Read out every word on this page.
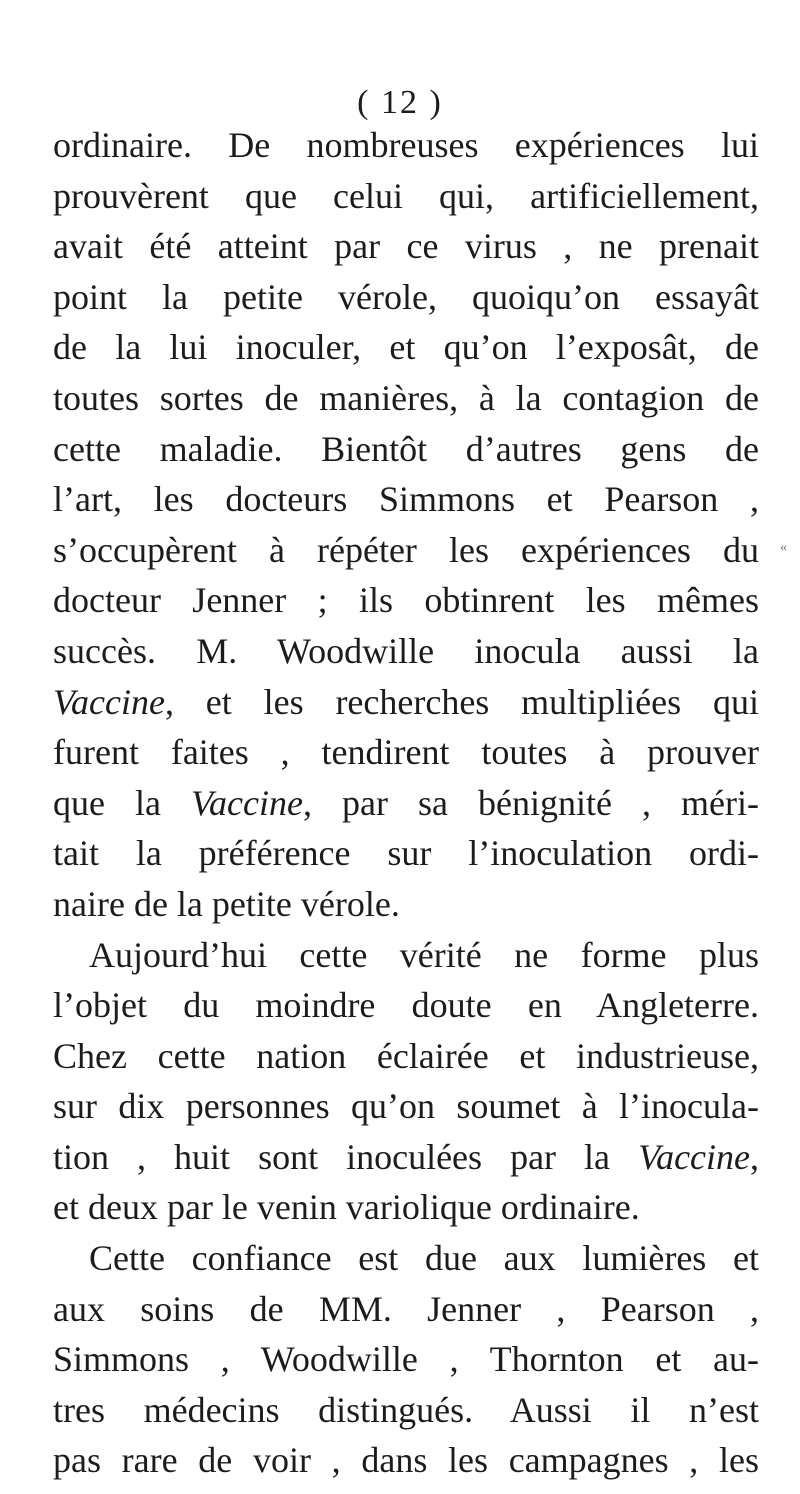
( 12 )
«
ordinaire. De nombreuses expériences lui
prouvèrent que celui qui, artificiellement,
avait été atteint par ce virus , ne prenait
point la petite vérole, quoiqu’on essayât
de la lui inoculer, et qu’on l’exposât, de
toutes sortes de manières, à la contagion de
cette maladie. Bientôt d’autres gens de
l’art, les docteurs Simmons et Pearson ,
s’occupèrent à répéter les expériences du
docteur Jenner ; ils obtinrent les mêmes
succès. M. Woodwille inocula aussi la
Vaccine, et les recherches multipliées qui
furent faites , tendirent toutes à prouver
que la Vaccine, par sa bénignité , méri-
tait la préférence sur l’inoculation ordi-
naire de la petite vérole.
Aujourd’hui cette vérité ne forme plus
l’objet du moindre doute en Angleterre.
Chez cette nation éclairée et industrieuse,
sur dix personnes qu’on soumet à l’inocula-
tion , huit sont inoculées par la Vaccine,
et deux par le venin variolique ordinaire.
Cette confiance est due aux lumières et
aux soins de MM. Jenner , Pearson ,
Simmons , Woodwille , Thornton et au-
tres médecins distingués. Aussi il n’est
pas rare de voir , dans les campagnes , les
